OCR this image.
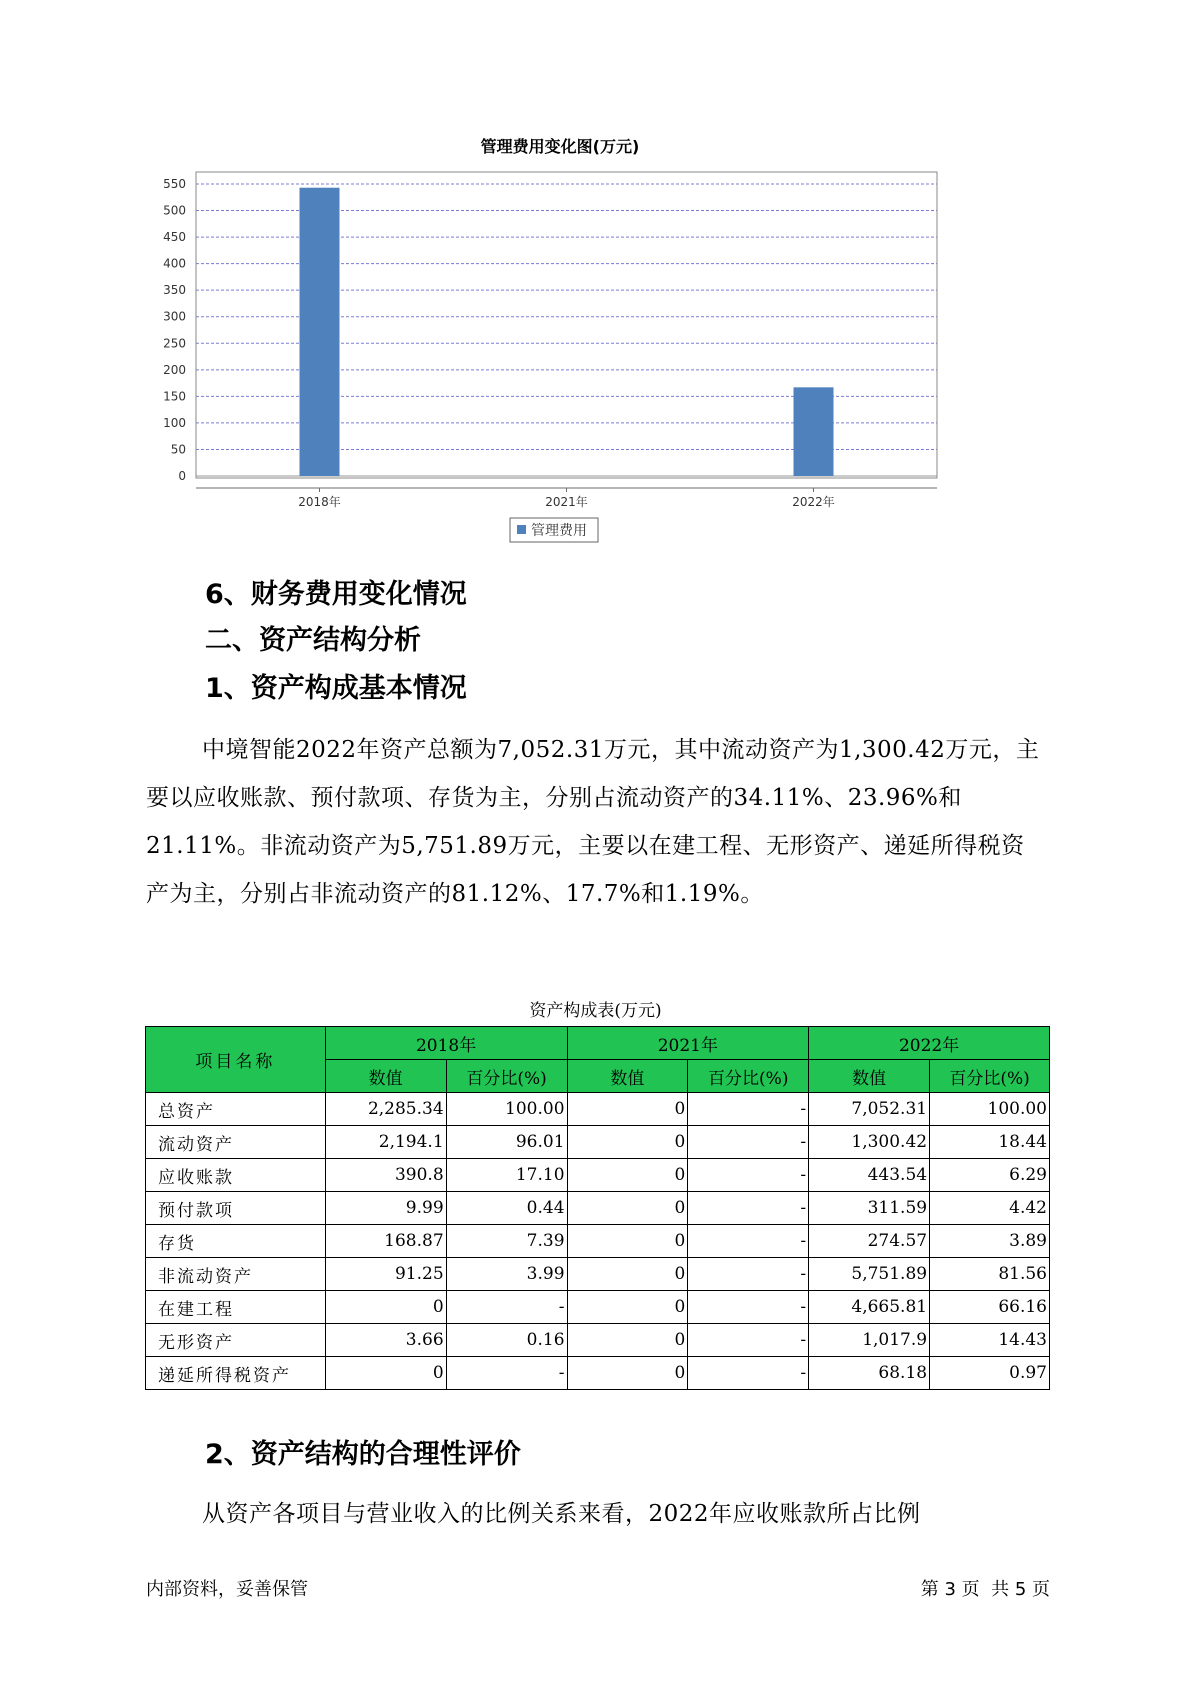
管理费用变化图(万元)
0
50
100
150
200
250
300
350
400
450
500
550
2018年	2021年	2022年
管理费用
6、财务费用变化情况
二、资产结构分析
1、资产构成基本情况
中境智能2022年资产总额为7,052.31万元，其中流动资产为1,300.42万元，主要以应收账款、预付款项、存货为主，分别占流动资产的34.11%、23.96%和21.11%。非流动资产为5,751.89万元，主要以在建工程、无形资产、递延所得税资产为主，分别占非流动资产的81.12%、17.7%和1.19%。
资产构成表(万元)
项目名称	2018年		2021年		2022年	
	数值	百分比(%)	数值	百分比(%)	数值	百分比(%)
总资产	2,285.34	100.00	0	-	7,052.31	100.00
流动资产	2,194.1	96.01	0	-	1,300.42	18.44
应收账款	390.8	17.10	0	-	443.54	6.29
预付款项	9.99	0.44	0	-	311.59	4.42
存货	168.87	7.39	0	-	274.57	3.89
非流动资产	91.25	3.99	0	-	5,751.89	81.56
在建工程	0	-	0	-	4,665.81	66.16
无形资产	3.66	0.16	0	-	1,017.9	14.43
递延所得税资产	0	-	0	-	68.18	0.97
2、资产结构的合理性评价
从资产各项目与营业收入的比例关系来看，2022年应收账款所占比例
内部资料，妥善保管	第 3 页  共 5 页
